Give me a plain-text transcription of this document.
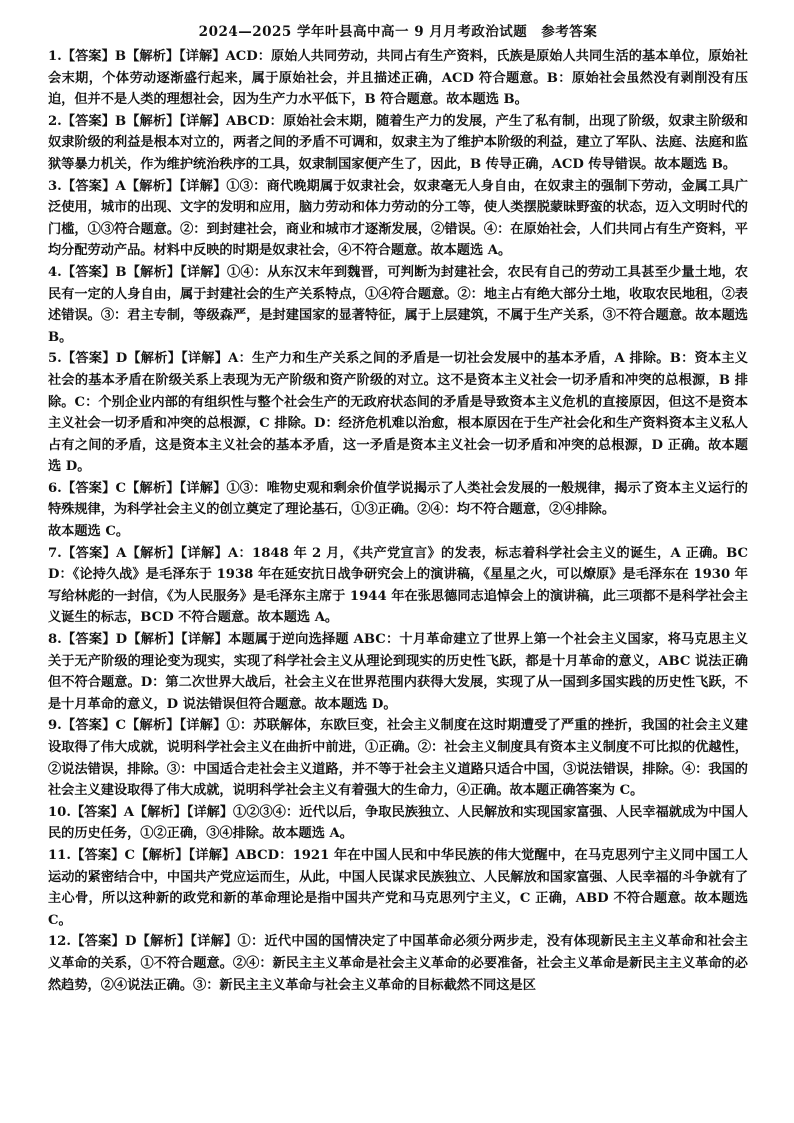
2024—2025 学年叶县高中高一 9 月月考政治试题　参考答案

1.【答案】B【解析】【详解】ACD：原始人共同劳动，共同占有生产资料，氏族是原始人共同生活的基本单位，原始社会末期，个体劳动逐渐盛行起来，属于原始社会，并且描述正确，ACD 符合题意。B：原始社会虽然没有剥削没有压迫，但并不是人类的理想社会，因为生产力水平低下，B 符合题意。故本题选 B。

2.【答案】B【解析】【详解】ABCD：原始社会末期，随着生产力的发展，产生了私有制，出现了阶级，奴隶主阶级和奴隶阶级的利益是根本对立的，两者之间的矛盾不可调和，奴隶主为了维护本阶级的利益，建立了军队、法庭、法庭和监狱等暴力机关，作为维护统治秩序的工具，奴隶制国家便产生了，因此，B 传导正确，ACD 传导错误。故本题选 B。

3.【答案】A【解析】【详解】①③：商代晚期属于奴隶社会，奴隶毫无人身自由，在奴隶主的强制下劳动，金属工具广泛使用，城市的出现、文字的发明和应用，脑力劳动和体力劳动的分工等，使人类摆脱蒙昧野蛮的状态，迈入文明时代的门槛，①③符合题意。②：到封建社会，商业和城市才逐渐发展，②错误。④：在原始社会，人们共同占有生产资料，平均分配劳动产品。材料中反映的时期是奴隶社会，④不符合题意。故本题选 A。

4.【答案】B【解析】【详解】①④：从东汉末年到魏晋，可判断为封建社会，农民有自己的劳动工具甚至少量土地，农民有一定的人身自由，属于封建社会的生产关系特点，①④符合题意。②：地主占有绝大部分土地，收取农民地租，②表述错误。③：君主专制，等级森严，是封建国家的显著特征，属于上层建筑，不属于生产关系，③不符合题意。故本题选 B。

5.【答案】D【解析】【详解】A：生产力和生产关系之间的矛盾是一切社会发展中的基本矛盾，A 排除。B：资本主义社会的基本矛盾在阶级关系上表现为无产阶级和资产阶级的对立。这不是资本主义社会一切矛盾和冲突的总根源，B 排除。C：个别企业内部的有组织性与整个社会生产的无政府状态间的矛盾是导致资本主义危机的直接原因，但这不是资本主义社会一切矛盾和冲突的总根源，C 排除。D：经济危机难以治愈，根本原因在于生产社会化和生产资料资本主义私人占有之间的矛盾，这是资本主义社会的基本矛盾，这一矛盾是资本主义社会一切矛盾和冲突的总根源，D 正确。故本题选 D。

6.【答案】C【解析】【详解】①③：唯物史观和剩余价值学说揭示了人类社会发展的一般规律，揭示了资本主义运行的特殊规律，为科学社会主义的创立奠定了理论基石，①③正确。②④：均不符合题意，②④排除。
故本题选 C。

7.【答案】A【解析】【详解】A：1848 年 2 月，《共产党宣言》的发表，标志着科学社会主义的诞生，A 正确。BCD：《论持久战》是毛泽东于 1938 年在延安抗日战争研究会上的演讲稿，《星星之火，可以燎原》是毛泽东在 1930 年写给林彪的一封信，《为人民服务》是毛泽东主席于 1944 年在张思德同志追悼会上的演讲稿，此三项都不是科学社会主义诞生的标志，BCD 不符合题意。故本题选 A。

8.【答案】D【解析】【详解】本题属于逆向选择题 ABC：十月革命建立了世界上第一个社会主义国家，将马克思主义关于无产阶级的理论变为现实，实现了科学社会主义从理论到现实的历史性飞跃，都是十月革命的意义，ABC 说法正确但不符合题意。D：第二次世界大战后，社会主义在世界范围内获得大发展，实现了从一国到多国实践的历史性飞跃，不是十月革命的意义，D 说法错误但符合题意。故本题选 D。

9.【答案】C【解析】【详解】①：苏联解体，东欧巨变，社会主义制度在这时期遭受了严重的挫折，我国的社会主义建设取得了伟大成就，说明科学社会主义在曲折中前进，①正确。②：社会主义制度具有资本主义制度不可比拟的优越性，②说法错误，排除。③：中国适合走社会主义道路，并不等于社会主义道路只适合中国，③说法错误，排除。④：我国的社会主义建设取得了伟大成就，说明科学社会主义有着强大的生命力，④正确。故本题正确答案为 C。

10.【答案】A【解析】【详解】①②③④：近代以后，争取民族独立、人民解放和实现国家富强、人民幸福就成为中国人民的历史任务，①②正确，③④排除。故本题选 A。

11.【答案】C【解析】【详解】ABCD：1921 年在中国人民和中华民族的伟大觉醒中，在马克思列宁主义同中国工人运动的紧密结合中，中国共产党应运而生，从此，中国人民谋求民族独立、人民解放和国家富强、人民幸福的斗争就有了主心骨，所以这种新的政党和新的革命理论是指中国共产党和马克思列宁主义，C 正确，ABD 不符合题意。故本题选 C。

12.【答案】D【解析】【详解】①：近代中国的国情决定了中国革命必须分两步走，没有体现新民主主义革命和社会主义革命的关系，①不符合题意。②④：新民主主义革命是社会主义革命的必要准备，社会主义革命是新民主主义革命的必然趋势，②④说法正确。③：新民主主义革命与社会主义革命的目标截然不同这是区
